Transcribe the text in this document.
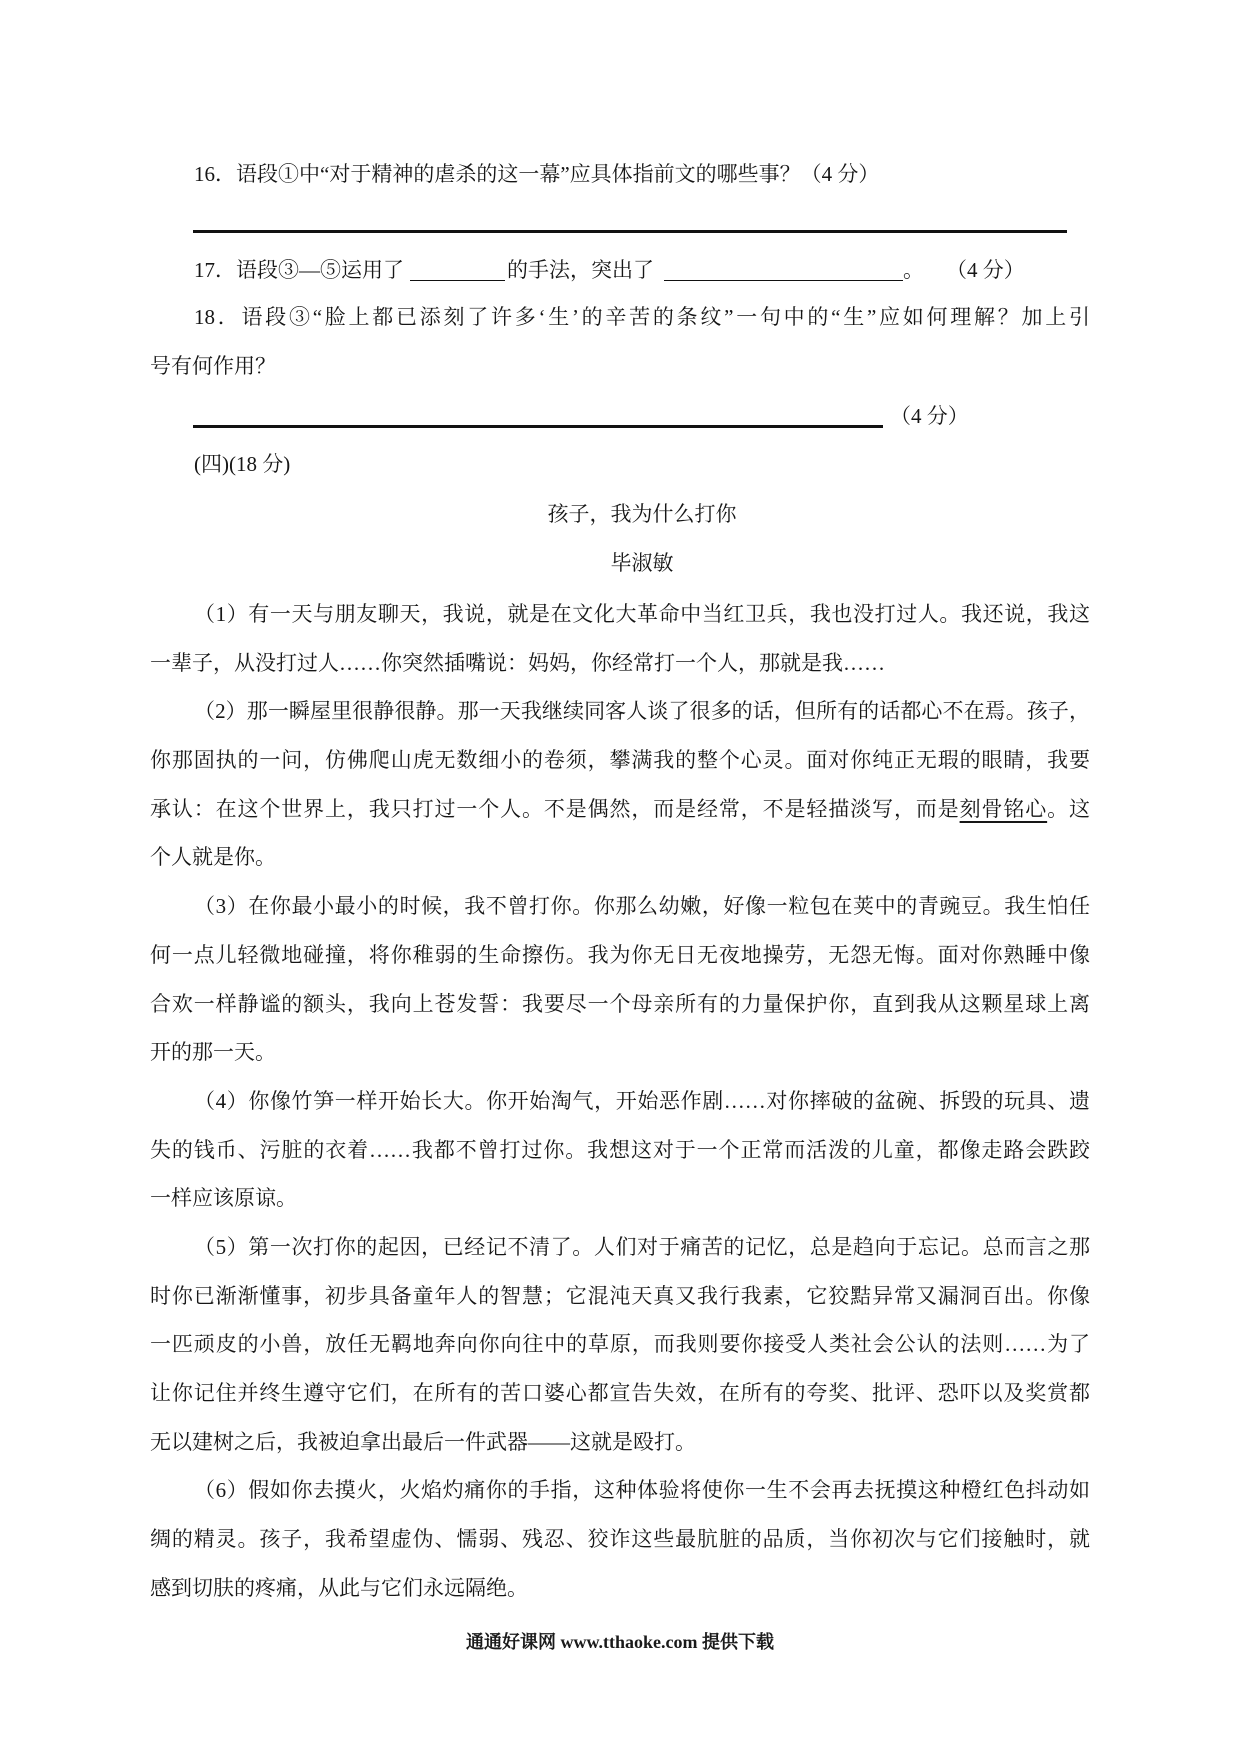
16．语段①中“对于精神的虐杀的这一幕”应具体指前文的哪些事？（4 分）
17．语段③—⑤运用了	的手法，突出了	。 （4 分）
18．语段③“脸上都已添刻了许多‘生’的辛苦的条纹”一句中的“生”应如何理解？加上引
号有何作用？
（4 分）
(四)(18 分)
孩子，我为什么打你
毕淑敏
（1）有一天与朋友聊天，我说，就是在文化大革命中当红卫兵，我也没打过人。我还说，我这
一辈子，从没打过人……你突然插嘴说：妈妈，你经常打一个人，那就是我……
（2）那一瞬屋里很静很静。那一天我继续同客人谈了很多的话，但所有的话都心不在焉。孩子，
你那固执的一问，仿佛爬山虎无数细小的卷须，攀满我的整个心灵。面对你纯正无瑕的眼睛，我要
承认：在这个世界上，我只打过一个人。不是偶然，而是经常，不是轻描淡写，而是刻骨铭心。这
个人就是你。
（3）在你最小最小的时候，我不曾打你。你那么幼嫩，好像一粒包在荚中的青豌豆。我生怕任
何一点儿轻微地碰撞，将你稚弱的生命擦伤。我为你无日无夜地操劳，无怨无悔。面对你熟睡中像
合欢一样静谧的额头，我向上苍发誓：我要尽一个母亲所有的力量保护你，直到我从这颗星球上离
开的那一天。
（4）你像竹笋一样开始长大。你开始淘气，开始恶作剧……对你摔破的盆碗、拆毁的玩具、遗
失的钱币、污脏的衣着……我都不曾打过你。我想这对于一个正常而活泼的儿童，都像走路会跌跤
一样应该原谅。
（5）第一次打你的起因，已经记不清了。人们对于痛苦的记忆，总是趋向于忘记。总而言之那
时你已渐渐懂事，初步具备童年人的智慧；它混沌天真又我行我素，它狡黠异常又漏洞百出。你像
一匹顽皮的小兽，放任无羁地奔向你向往中的草原，而我则要你接受人类社会公认的法则……为了
让你记住并终生遵守它们，在所有的苦口婆心都宣告失效，在所有的夸奖、批评、恐吓以及奖赏都
无以建树之后，我被迫拿出最后一件武器——这就是殴打。
（6）假如你去摸火，火焰灼痛你的手指，这种体验将使你一生不会再去抚摸这种橙红色抖动如
绸的精灵。孩子，我希望虚伪、懦弱、残忍、狡诈这些最肮脏的品质，当你初次与它们接触时，就
感到切肤的疼痛，从此与它们永远隔绝。
通通好课网 www.tthaoke.com 提供下载
